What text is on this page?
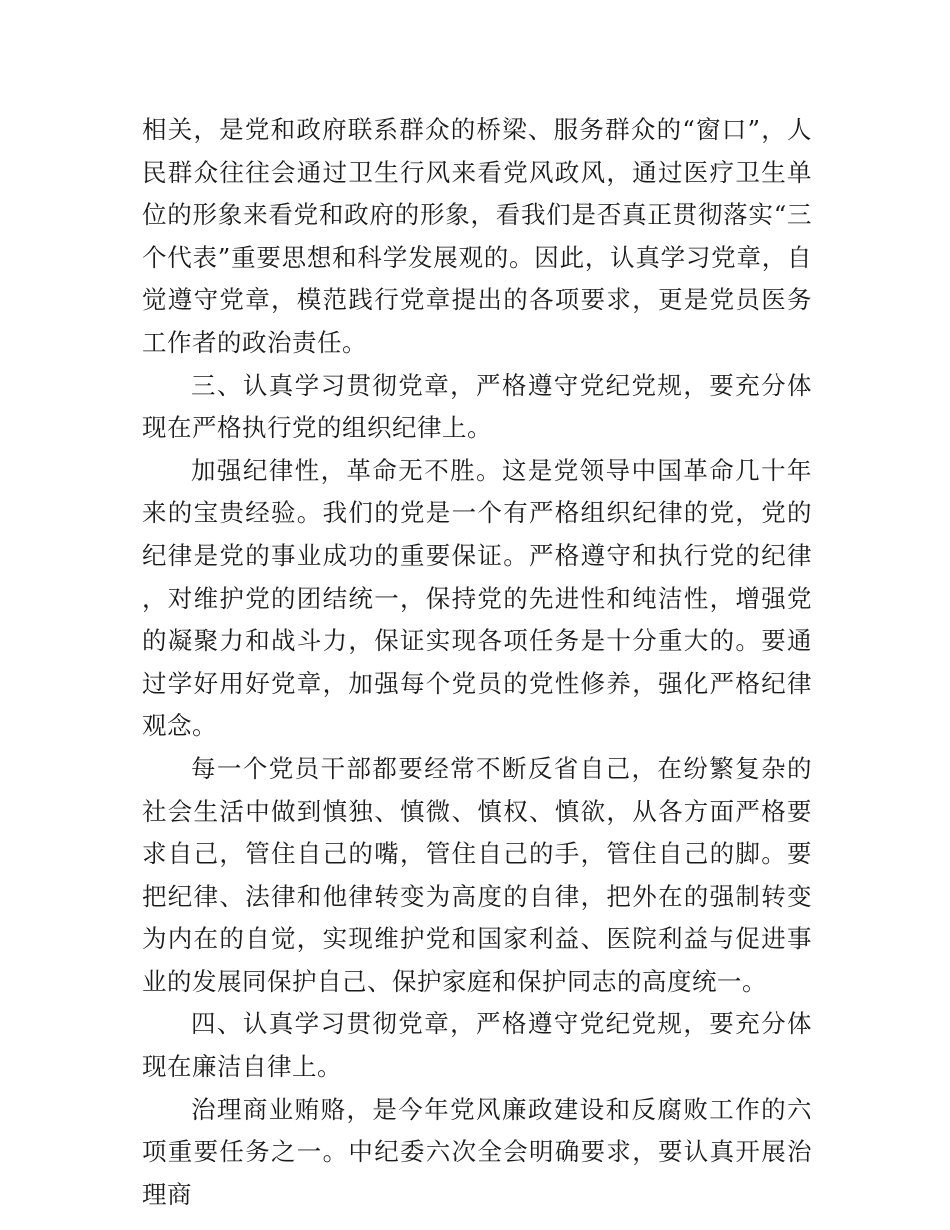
相关，是党和政府联系群众的桥梁、服务群众的“窗口”，人民群众往往会通过卫生行风来看党风政风，通过医疗卫生单位的形象来看党和政府的形象，看我们是否真正贯彻落实“三个代表”重要思想和科学发展观的。因此，认真学习党章，自觉遵守党章，模范践行党章提出的各项要求，更是党员医务工作者的政治责任。

三、认真学习贯彻党章，严格遵守党纪党规，要充分体现在严格执行党的组织纪律上。

加强纪律性，革命无不胜。这是党领导中国革命几十年来的宝贵经验。我们的党是一个有严格组织纪律的党，党的纪律是党的事业成功的重要保证。严格遵守和执行党的纪律，对维护党的团结统一，保持党的先进性和纯洁性，增强党的凝聚力和战斗力，保证实现各项任务是十分重大的。要通过学好用好党章，加强每个党员的党性修养，强化严格纪律观念。

每一个党员干部都要经常不断反省自己，在纷繁复杂的社会生活中做到慎独、慎微、慎权、慎欲，从各方面严格要求自己，管住自己的嘴，管住自己的手，管住自己的脚。要把纪律、法律和他律转变为高度的自律，把外在的强制转变为内在的自觉，实现维护党和国家利益、医院利益与促进事业的发展同保护自己、保护家庭和保护同志的高度统一。

四、认真学习贯彻党章，严格遵守党纪党规，要充分体现在廉洁自律上。

治理商业贿赂，是今年党风廉政建设和反腐败工作的六项重要任务之一。中纪委六次全会明确要求，要认真开展治理商
